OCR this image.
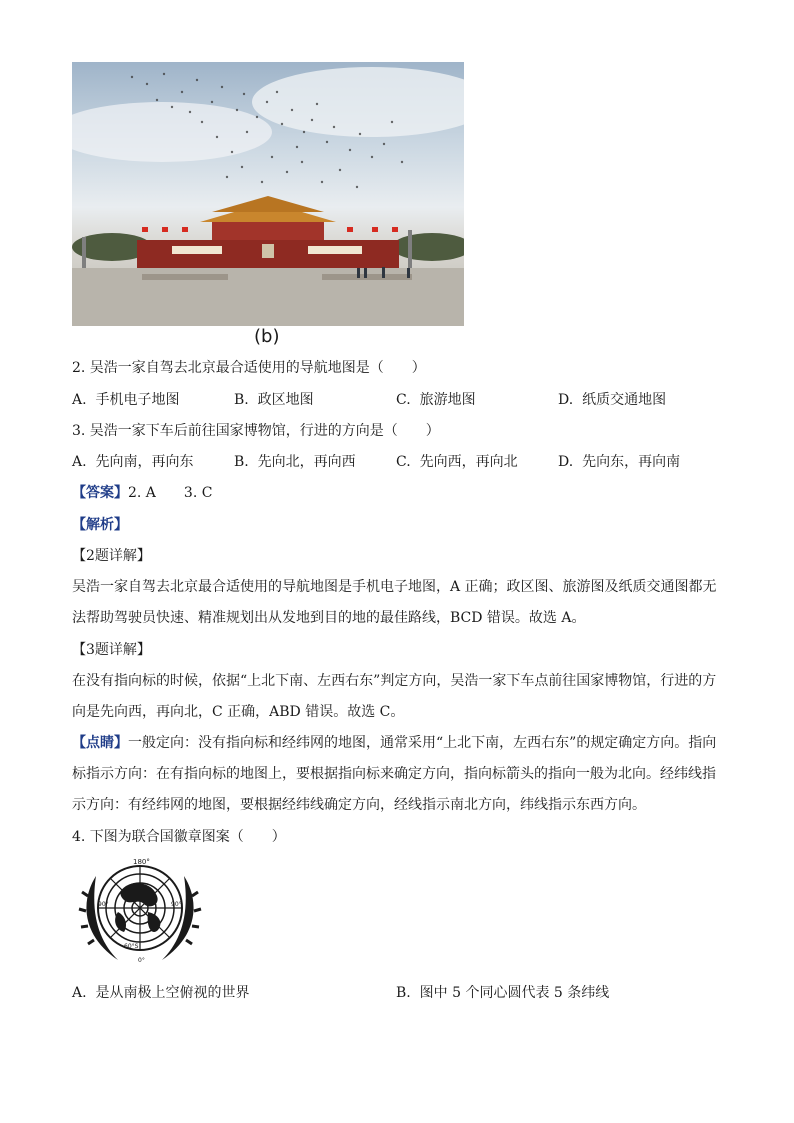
(b)
2. 吴浩一家自驾去北京最合适使用的导航地图是（　　）
A. 手机电子地图	B. 政区地图	C. 旅游地图	D. 纸质交通地图
3. 吴浩一家下车后前往国家博物馆，行进的方向是（　　）
A. 先向南，再向东	B. 先向北，再向西	C. 先向西，再向北	D. 先向东，再向南
【答案】2. A　　3. C
【解析】
【2题详解】
吴浩一家自驾去北京最合适使用的导航地图是手机电子地图，A 正确；政区图、旅游图及纸质交通图都无
法帮助驾驶员快速、精准规划出从发地到目的地的最佳路线，BCD 错误。故选 A。
【3题详解】
在没有指向标的时候，依据“上北下南、左西右东”判定方向，吴浩一家下车点前往国家博物馆，行进的方
向是先向西，再向北，C 正确，ABD 错误。故选 C。
【点睛】一般定向：没有指向标和经纬网的地图，通常采用“上北下南，左西右东”的规定确定方向。指向
标指示方向：在有指向标的地图上，要根据指向标来确定方向，指向标箭头的指向一般为北向。经纬线指
示方向：有经纬网的地图，要根据经纬线确定方向，经线指示南北方向，纬线指示东西方向。
4. 下图为联合国徽章图案（　　）
180°
90°	90°
60°S
0°
A. 是从南极上空俯视的世界	B. 图中 5 个同心圆代表 5 条纬线
